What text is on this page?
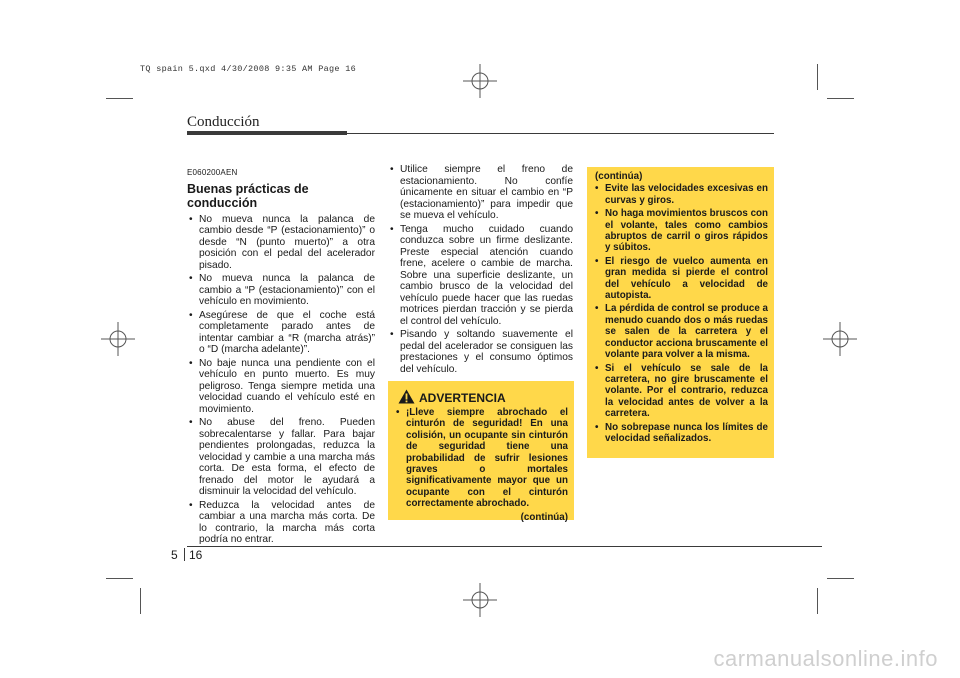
TQ spain 5.qxd 4/30/2008 9:35 AM Page 16
Conducción
E060200AEN
Buenas prácticas de conducción
• No mueva nunca la palanca de cambio desde “P (estacionamiento)” o desde “N (punto muerto)” a otra posición con el pedal del acelerador pisado.
• No mueva nunca la palanca de cambio a “P (estacionamiento)” con el vehículo en movimiento.
• Asegúrese de que el coche está completamente parado antes de intentar cambiar a “R (marcha atrás)” o “D (marcha adelante)”.
• No baje nunca una pendiente con el vehículo en punto muerto. Es muy peligroso. Tenga siempre metida una velocidad cuando el vehículo esté en movimiento.
• No abuse del freno. Pueden sobrecalentarse y fallar. Para bajar pendientes prolongadas, reduzca la velocidad y cambie a una marcha más corta. De esta forma, el efecto de frenado del motor le ayudará a disminuir la velocidad del vehículo.
• Reduzca la velocidad antes de cambiar a una marcha más corta. De lo contrario, la marcha más corta podría no entrar.
• Utilice siempre el freno de estacionamiento. No confíe únicamente en situar el cambio en “P (estacionamiento)” para impedir que se mueva el vehículo.
• Tenga mucho cuidado cuando conduzca sobre un firme deslizante. Preste especial atención cuando frene, acelere o cambie de marcha. Sobre una superficie deslizante, un cambio brusco de la velocidad del vehículo puede hacer que las ruedas motrices pierdan tracción y se pierda el control del vehículo.
• Pisando y soltando suavemente el pedal del acelerador se consiguen las prestaciones y el consumo óptimos del vehículo.
ADVERTENCIA
• ¡Lleve siempre abrochado el cinturón de seguridad! En una colisión, un ocupante sin cinturón de seguridad tiene una probabilidad de sufrir lesiones graves o mortales significativamente mayor que un ocupante con el cinturón correctamente abrochado.
(continúa)
(continúa)
• Evite las velocidades excesivas en curvas y giros.
• No haga movimientos bruscos con el volante, tales como cambios abruptos de carril o giros rápidos y súbitos.
• El riesgo de vuelco aumenta en gran medida si pierde el control del vehículo a velocidad de autopista.
• La pérdida de control se produce a menudo cuando dos o más ruedas se salen de la carretera y el conductor acciona bruscamente el volante para volver a la misma.
• Si el vehículo se sale de la carretera, no gire bruscamente el volante. Por el contrario, reduzca la velocidad antes de volver a la carretera.
• No sobrepase nunca los límites de velocidad señalizados.
5 16
carmanualsonline.info
